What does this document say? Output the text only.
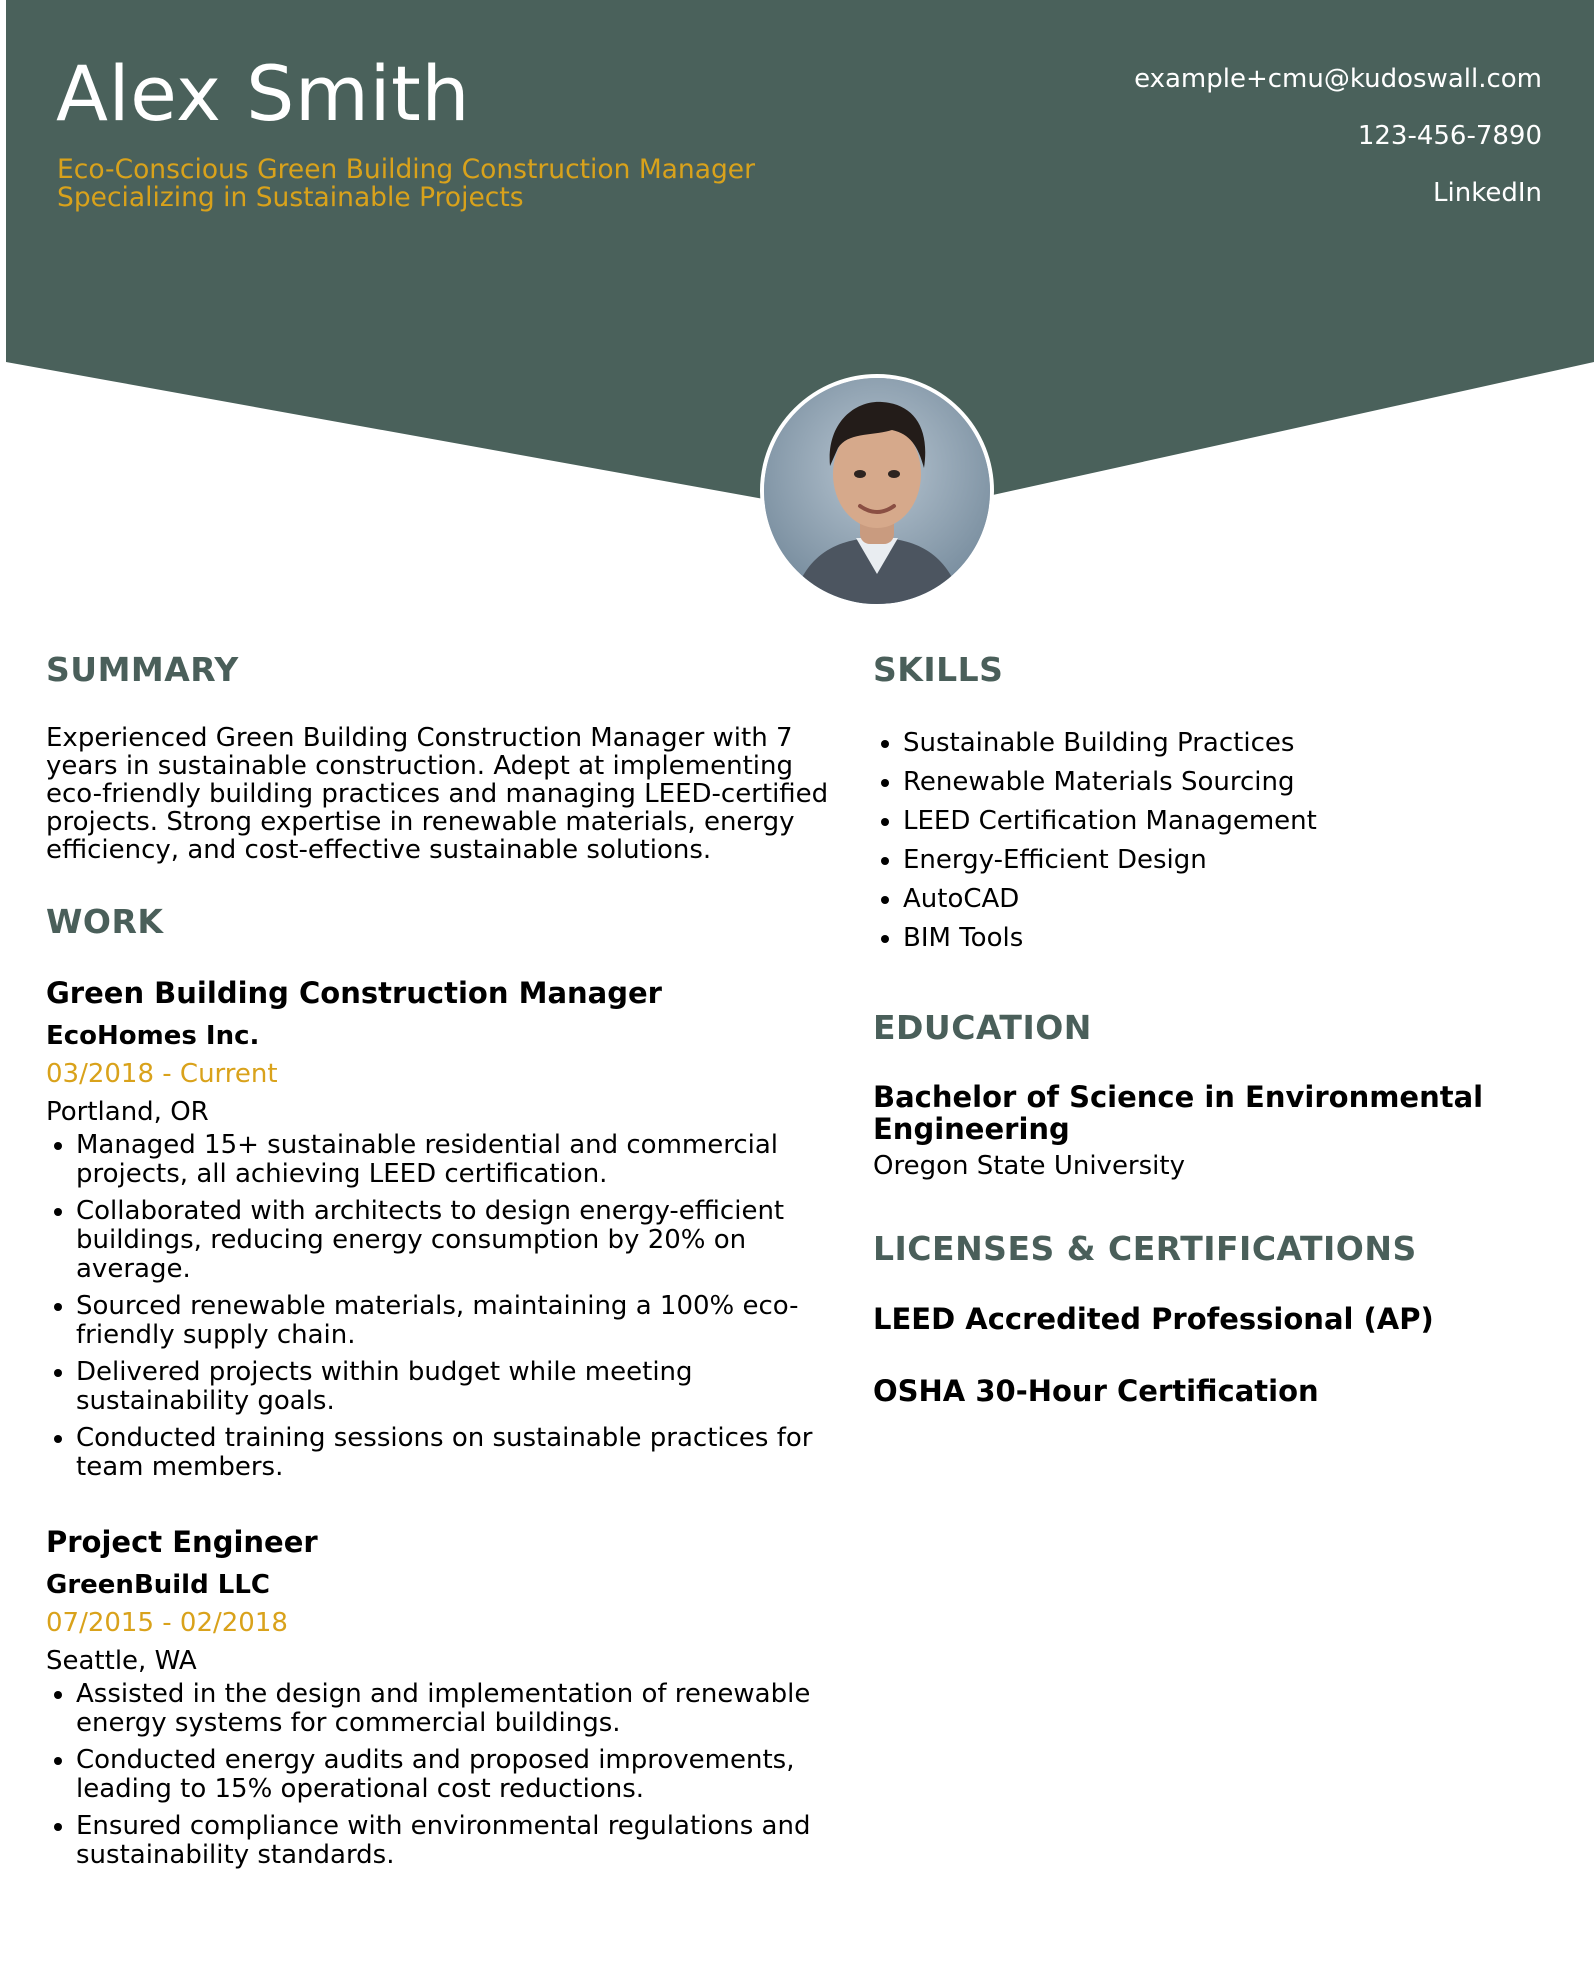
Alex Smith

Eco-Conscious Green Building Construction Manager Specializing in Sustainable Projects

example+cmu@kudoswall.com
123-456-7890
LinkedIn
SUMMARY

Experienced Green Building Construction Manager with 7 years in sustainable construction. Adept at implementing eco-friendly building practices and managing LEED-certified projects. Strong expertise in renewable materials, energy efficiency, and cost-effective sustainable solutions.

WORK
Green Building Construction Manager

EcoHomes Inc.

03/2018 - Current

Portland, OR

• Managed 15+ sustainable residential and commercial projects, all achieving LEED certification.
• Collaborated with architects to design energy-efficient buildings, reducing energy consumption by 20% on average.
• Sourced renewable materials, maintaining a 100% eco-friendly supply chain.
• Delivered projects within budget while meeting sustainability goals.
• Conducted training sessions on sustainable practices for team members.
Project Engineer

GreenBuild LLC

07/2015 - 02/2018

Seattle, WA

• Assisted in the design and implementation of renewable energy systems for commercial buildings.
• Conducted energy audits and proposed improvements, leading to 15% operational cost reductions.
• Ensured compliance with environmental regulations and sustainability standards.
SKILLS
• Sustainable Building Practices
• Renewable Materials Sourcing
• LEED Certification Management
• Energy-Efficient Design
• AutoCAD
• BIM Tools
EDUCATION

Bachelor of Science in Environmental Engineering

Oregon State University

LICENSES & CERTIFICATIONS

LEED Accredited Professional (AP)

OSHA 30-Hour Certification
